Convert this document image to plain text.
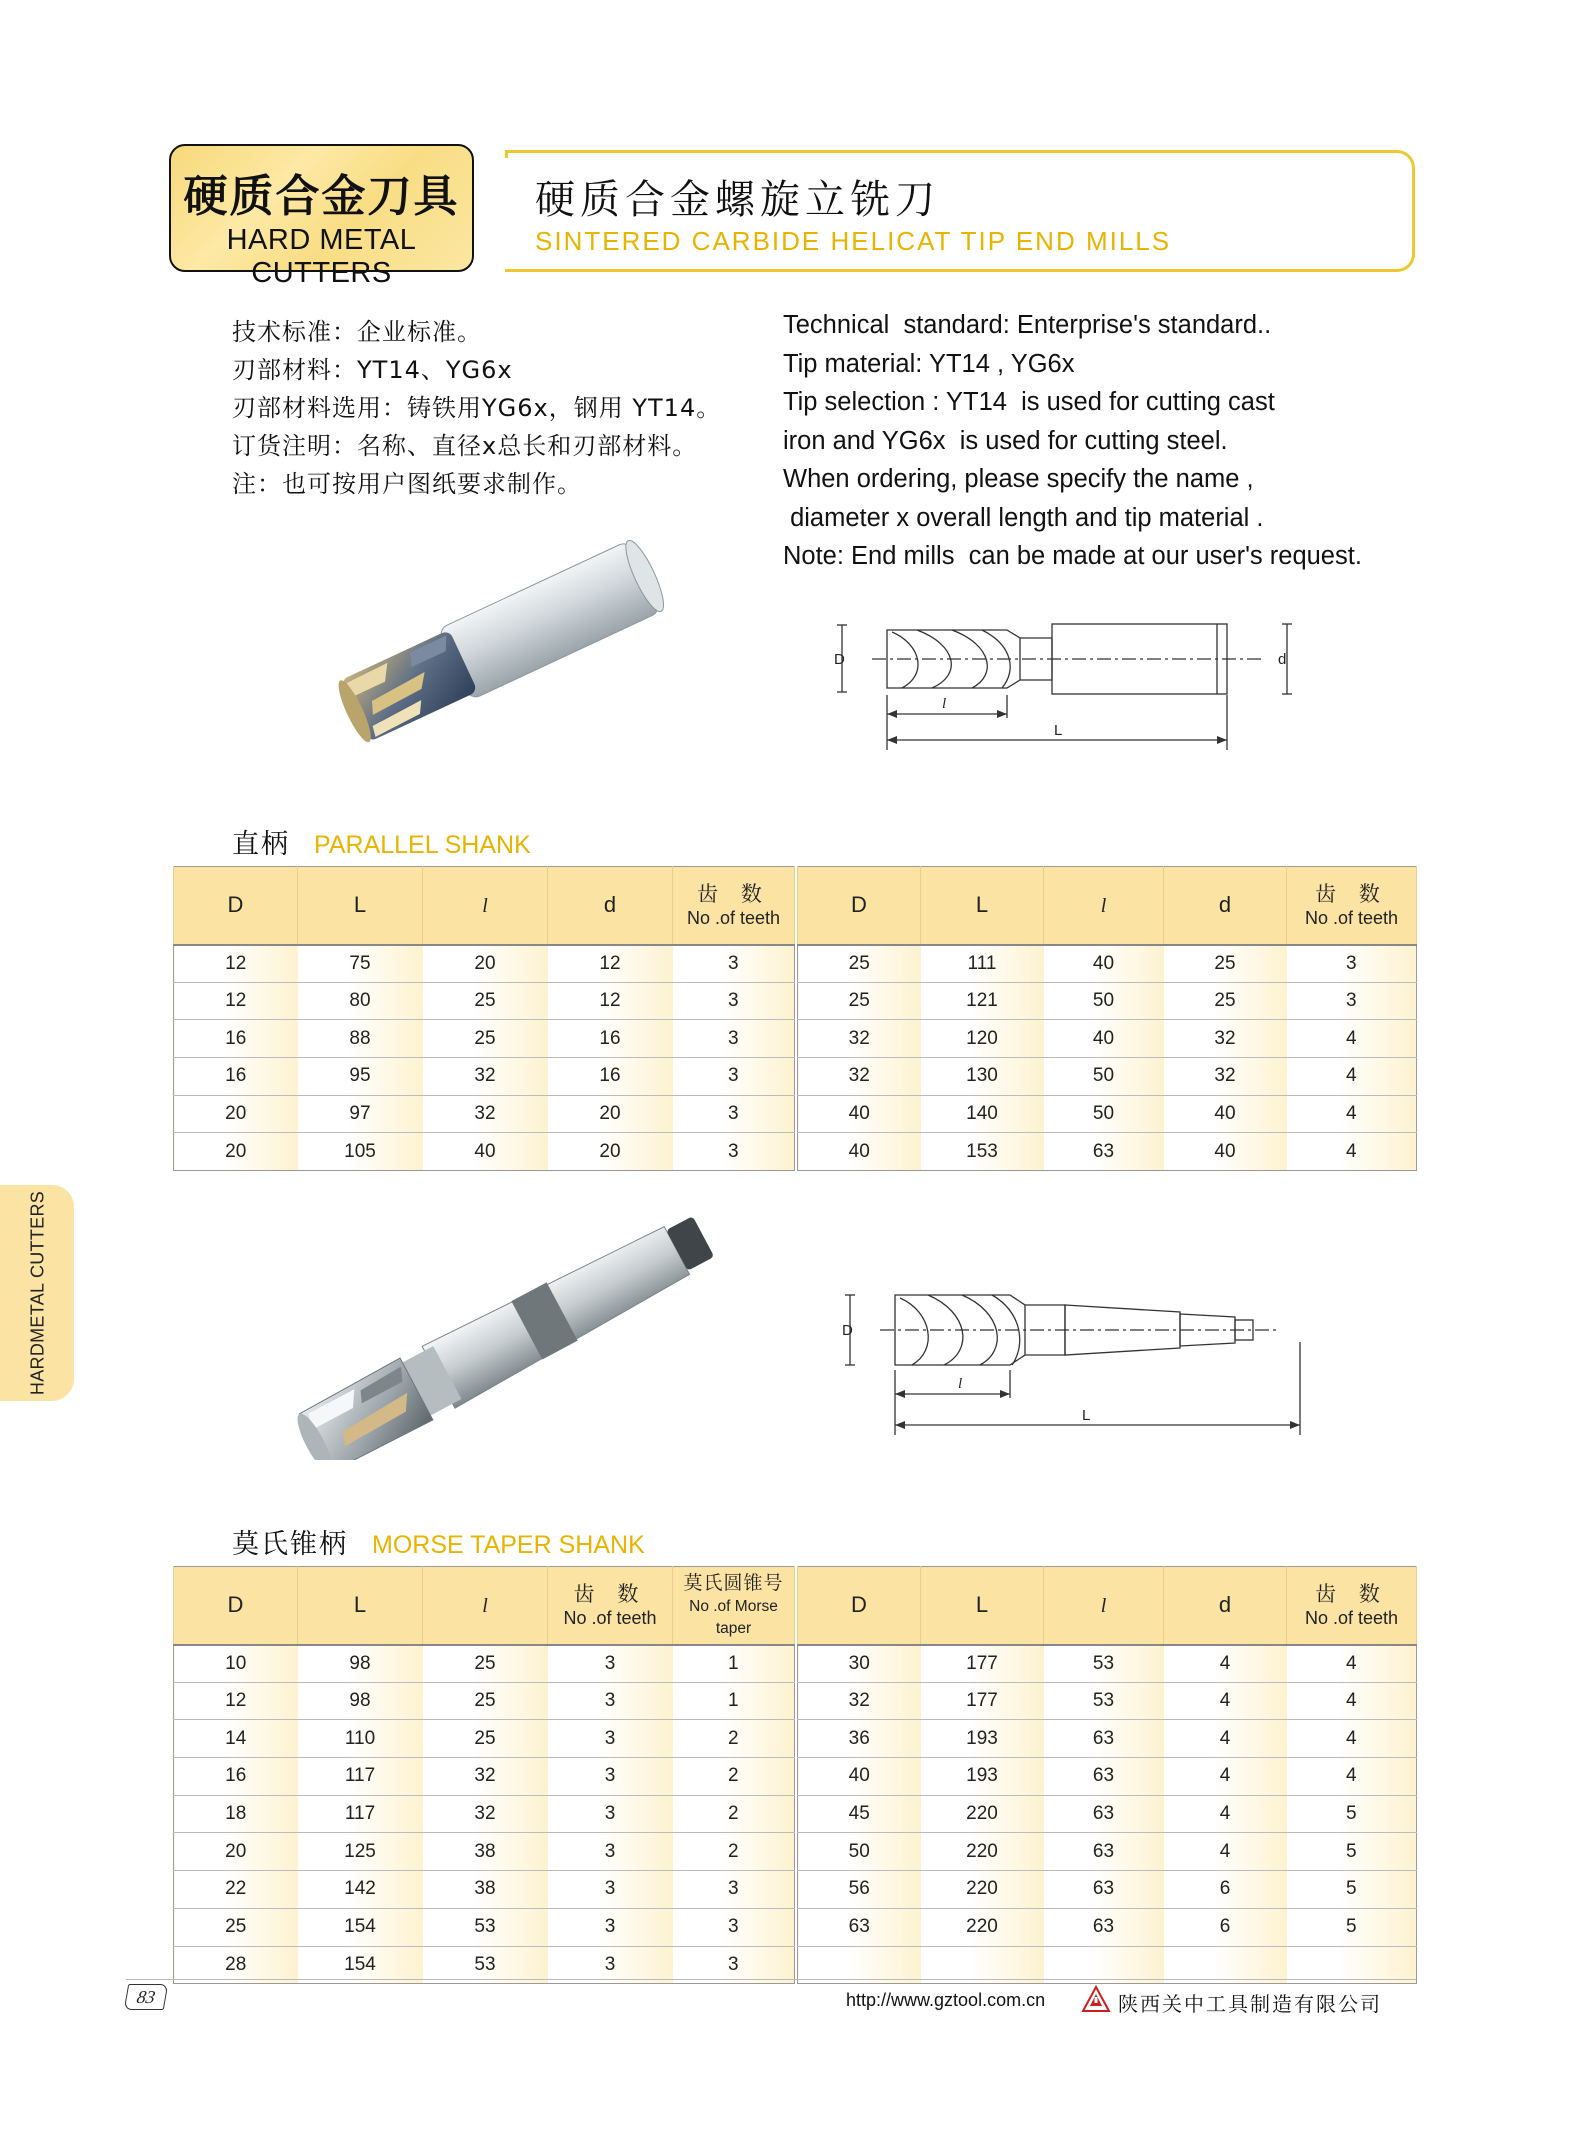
硬质合金刀具
HARD METAL CUTTERS
硬质合金螺旋立铣刀
SINTERED CARBIDE HELICAT TIP END MILLS
技术标准：企业标准。
刃部材料：YT14、YG6x
刃部材料选用：铸铁用YG6x，钢用 YT14。
订货注明：名称、直径x总长和刃部材料。
注：也可按用户图纸要求制作。
Technical  standard: Enterprise's standard..
Tip material: YT14 , YG6x
Tip selection : YT14  is used for cutting cast
iron and YG6x  is used for cutting steel.
When ordering, please specify the name ,
diameter x overall length and tip material .
Note: End mills  can be made at our user's request.
D	d
l
L
直柄 PARALLEL SHANK
D	L	l	d	齿 数
No .of teeth

12	75	20	12	3
12	80	25	12	3
16	88	25	16	3
16	95	32	16	3
20	97	32	20	3
20	105	40	20	3
D	L	l	d	齿 数
No .of teeth

25	111	40	25	3
25	121	50	25	3
32	120	40	32	4
32	130	50	32	4
40	140	50	40	4
40	153	63	40	4
HARDMETAL CUTTERS	D
l
L
莫氏锥柄 MORSE TAPER SHANK
D	L	l	齿 数
No .of teeth	莫氏圆锥号
No .of Morse taper

10	98	25	3	1
12	98	25	3	1
14	110	25	3	2
16	117	32	3	2
18	117	32	3	2
20	125	38	3	2
22	142	38	3	3
25	154	53	3	3
28	154	53	3	3
D	L	l	d	齿 数
No .of teeth

30	177	53	4	4
32	177	53	4	4
36	193	63	4	4
40	193	63	4	4
45	220	63	4	5
50	220	63	4	5
56	220	63	6	5
63	220	63	6	5

83	http://www.gztool.com.cn	陕西关中工具制造有限公司
